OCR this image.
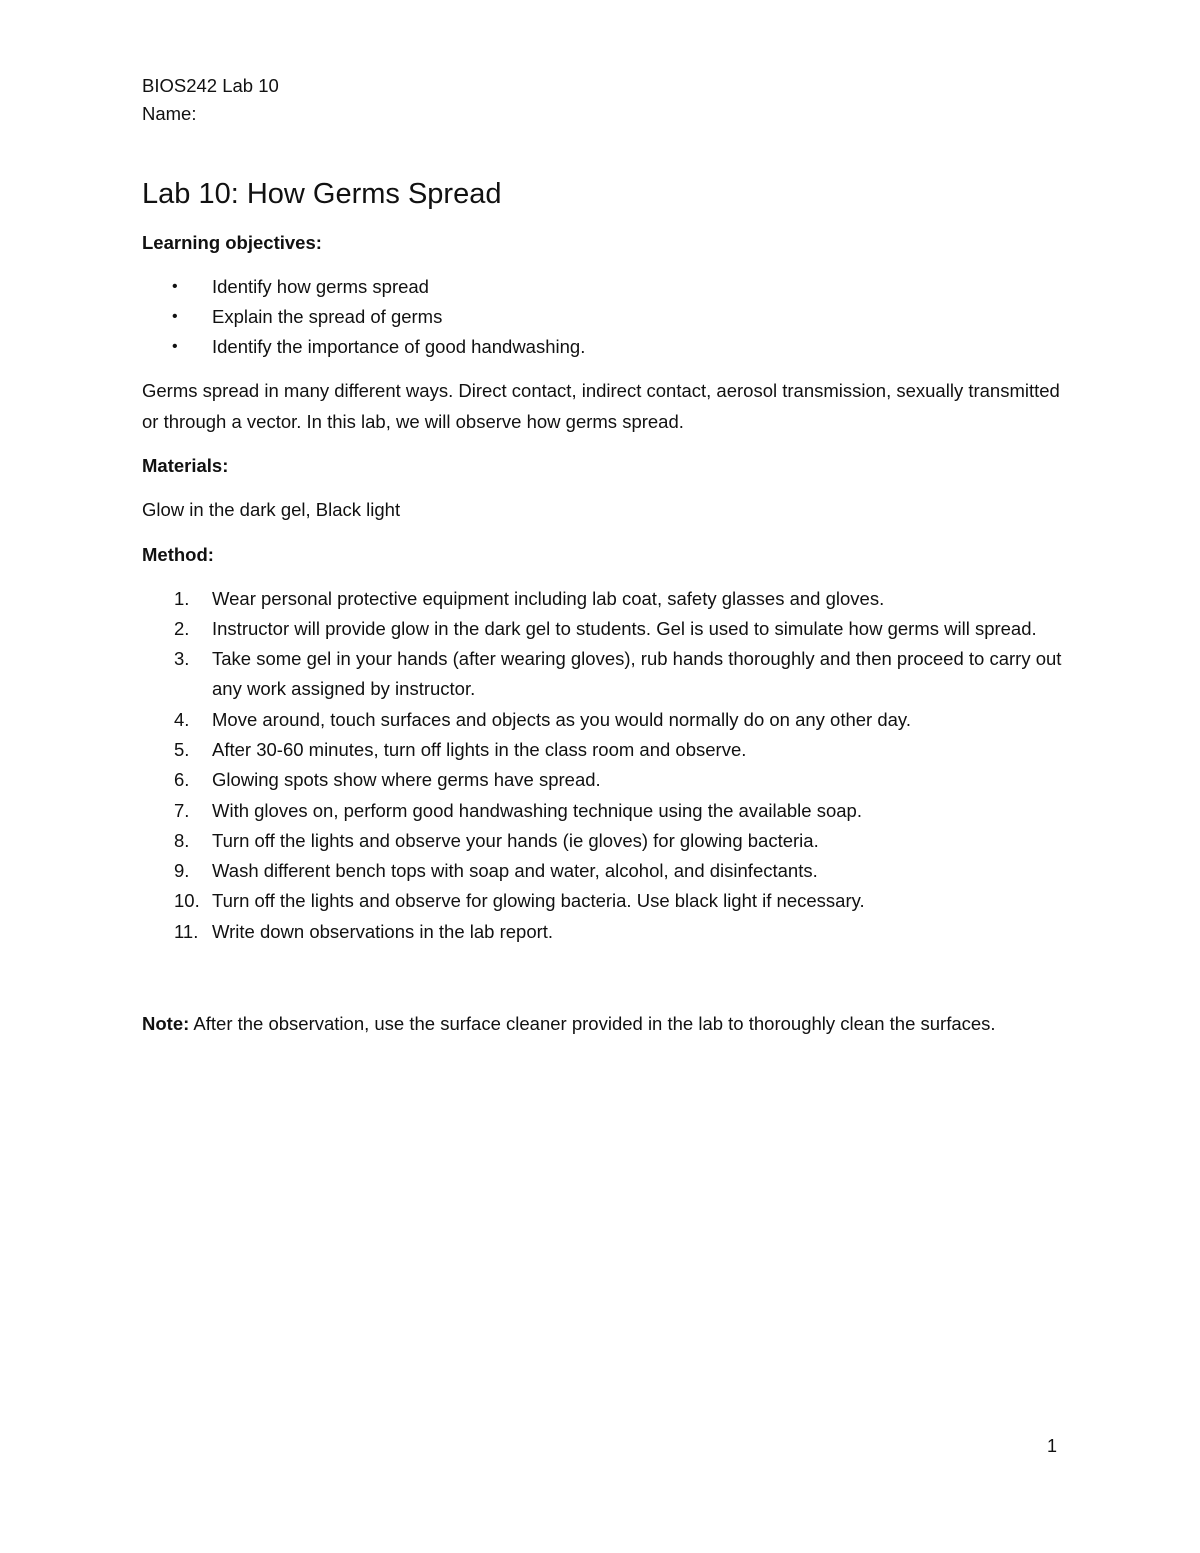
BIOS242 Lab 10

Name:

Lab 10: How Germs Spread

Learning objectives:

• Identify how germs spread
• Explain the spread of germs
• Identify the importance of good handwashing.

Germs spread in many different ways. Direct contact, indirect contact, aerosol transmission, sexually transmitted or through a vector. In this lab, we will observe how germs spread.

Materials:

Glow in the dark gel, Black light

Method:

1. Wear personal protective equipment including lab coat, safety glasses and gloves.
2. Instructor will provide glow in the dark gel to students. Gel is used to simulate how germs will spread.
3. Take some gel in your hands (after wearing gloves), rub hands thoroughly and then proceed to carry out any work assigned by instructor.
4. Move around, touch surfaces and objects as you would normally do on any other day.
5. After 30-60 minutes, turn off lights in the class room and observe.
6. Glowing spots show where germs have spread.
7. With gloves on, perform good handwashing technique using the available soap.
8. Turn off the lights and observe your hands (ie gloves) for glowing bacteria.
9. Wash different bench tops with soap and water, alcohol, and disinfectants.
10. Turn off the lights and observe for glowing bacteria. Use black light if necessary.
11. Write down observations in the lab report.

Note: After the observation, use the surface cleaner provided in the lab to thoroughly clean the surfaces.

1
